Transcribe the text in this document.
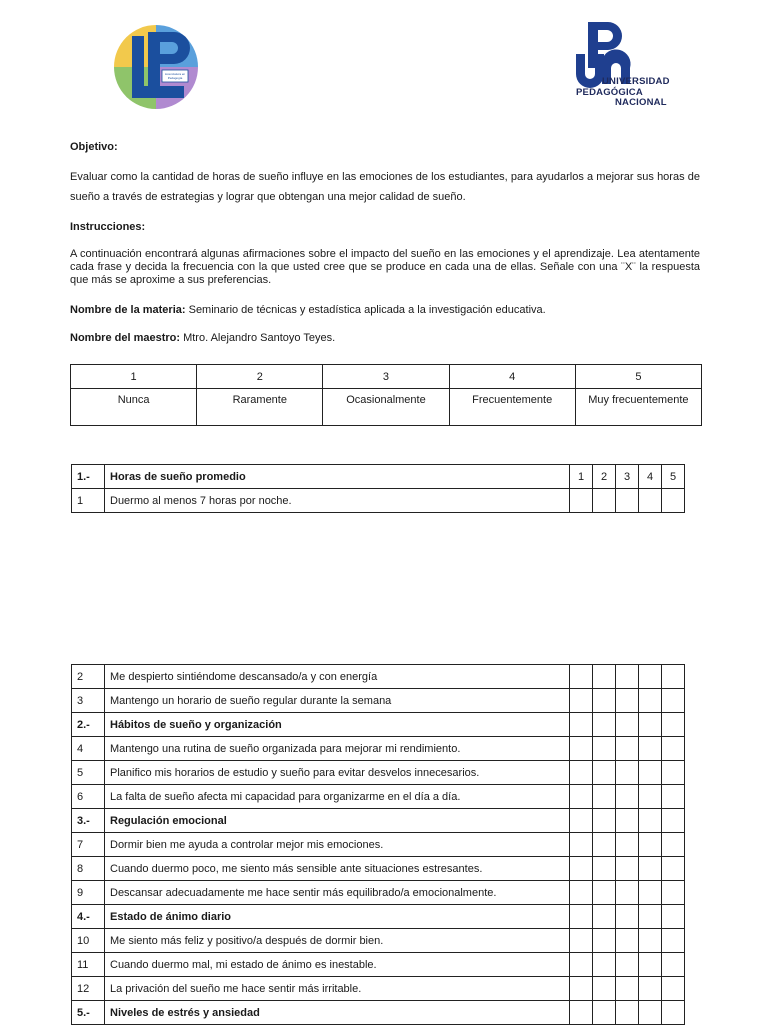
Licenciatura en
Pedagogía	UNIVERSIDAD
PEDAGÓGICA
NACIONAL
Objetivo:
Evaluar como la cantidad de horas de sueño influye en las emociones de los estudiantes, para ayudarlos a mejorar sus horas de sueño a través de estrategias y lograr que obtengan una mejor calidad de sueño.
Instrucciones:
A continuación encontrará algunas afirmaciones sobre el impacto del sueño en las emociones y el aprendizaje. Lea atentamente cada frase y decida la frecuencia con la que usted cree que se produce en cada una de ellas. Señale con una ¨X¨ la respuesta que más se aproxime a sus preferencias.
Nombre de la materia: Seminario de técnicas y estadística aplicada a la investigación educativa.
Nombre del maestro: Mtro. Alejandro Santoyo Teyes.
1	2	3	4	5
Nunca	Raramente	Ocasionalmente	Frecuentemente	Muy frecuentemente
1.-	Horas de sueño promedio	1	2	3	4	5
1	Duermo al menos 7 horas por noche.					
2	Me despierto sintiéndome descansado/a y con energía					
3	Mantengo un horario de sueño regular durante la semana					
2.-	Hábitos de sueño y organización					
4	Mantengo una rutina de sueño organizada para mejorar mi rendimiento.					
5	Planifico mis horarios de estudio y sueño para evitar desvelos innecesarios.					
6	La falta de sueño afecta mi capacidad para organizarme en el día a día.					
3.-	Regulación emocional					
7	Dormir bien me ayuda a controlar mejor mis emociones.					
8	Cuando duermo poco, me siento más sensible ante situaciones estresantes.					
9	Descansar adecuadamente me hace sentir más equilibrado/a emocionalmente.					
4.-	Estado de ánimo diario					
10	Me siento más feliz y positivo/a después de dormir bien.					
11	Cuando duermo mal, mi estado de ánimo es inestable.					
12	La privación del sueño me hace sentir más irritable.					
5.-	Niveles de estrés y ansiedad					
